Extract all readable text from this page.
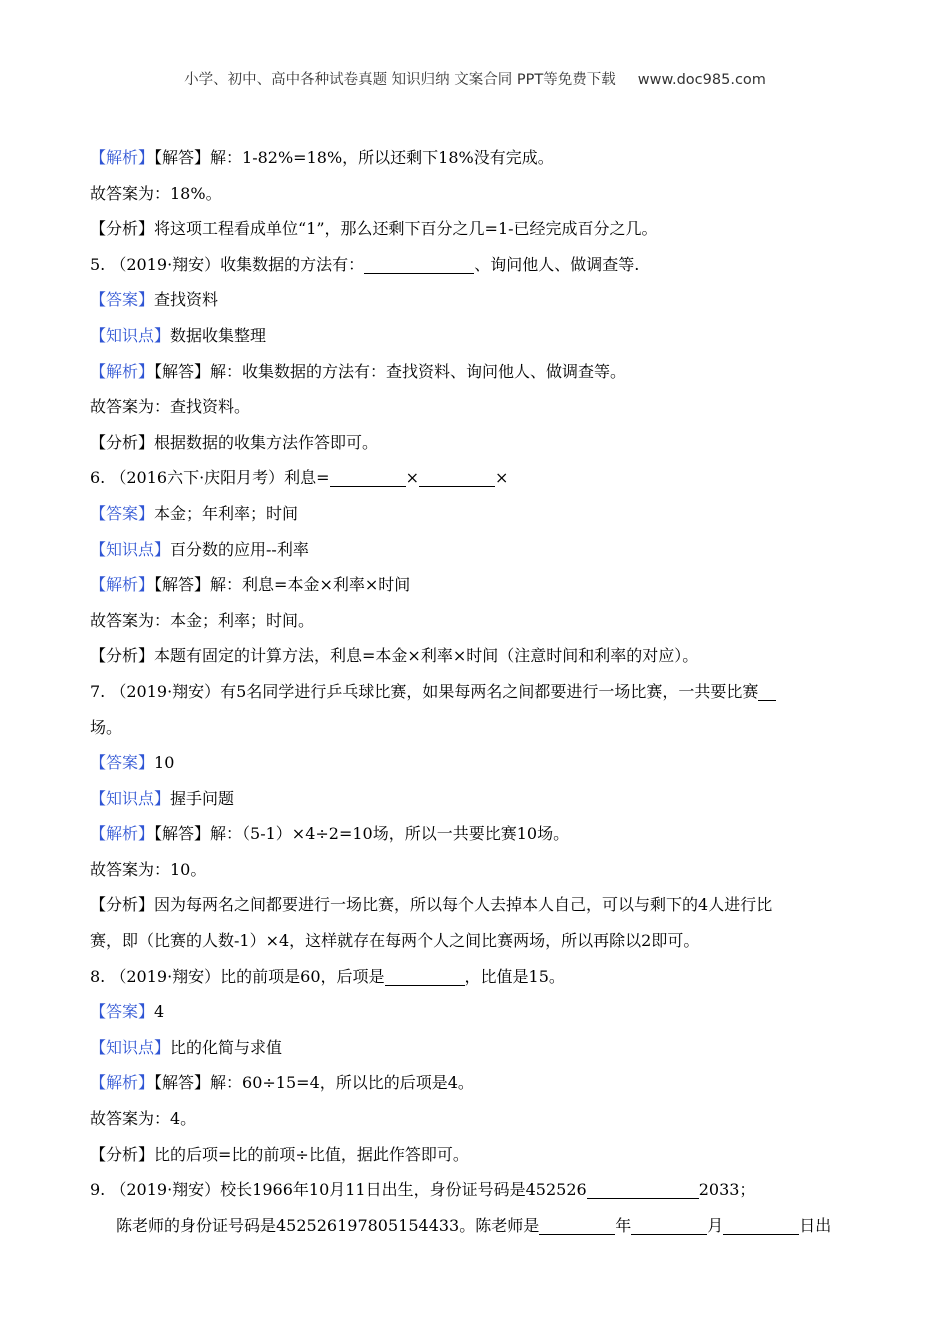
小学、初中、高中各种试卷真题 知识归纳 文案合同 PPT等免费下载 www.doc985.com
【解析】【解答】解：1-82%=18%，所以还剩下18%没有完成。
故答案为：18%。
【分析】将这项工程看成单位“1”，那么还剩下百分之几=1-已经完成百分之几。
5. （2019·翔安）收集数据的方法有：	、询问他人、做调查等.
【答案】查找资料
【知识点】数据收集整理
【解析】【解答】解：收集数据的方法有：查找资料、询问他人、做调查等。
故答案为：查找资料。
【分析】根据数据的收集方法作答即可。
6. （2016六下·庆阳月考）利息=	×	×
【答案】本金；年利率；时间
【知识点】百分数的应用--利率
【解析】【解答】解：利息=本金×利率×时间
故答案为：本金；利率；时间。
【分析】本题有固定的计算方法，利息=本金×利率×时间（注意时间和利率的对应）。
7. （2019·翔安）有5名同学进行乒乓球比赛，如果每两名之间都要进行一场比赛，一共要比赛
场。
【答案】10
【知识点】握手问题
【解析】【解答】解：（5-1）×4÷2=10场，所以一共要比赛10场。
故答案为：10。
【分析】因为每两名之间都要进行一场比赛，所以每个人去掉本人自己，可以与剩下的4人进行比
赛，即（比赛的人数-1）×4，这样就存在每两个人之间比赛两场，所以再除以2即可。
8. （2019·翔安）比的前项是60，后项是	，比值是15。
【答案】4
【知识点】比的化简与求值
【解析】【解答】解：60÷15=4，所以比的后项是4。
故答案为：4。
【分析】比的后项=比的前项÷比值，据此作答即可。
9. （2019·翔安）校长1966年10月11日出生，身份证号码是452526	2033；
陈老师的身份证号码是452526197805154433。陈老师是	年	月	日出
